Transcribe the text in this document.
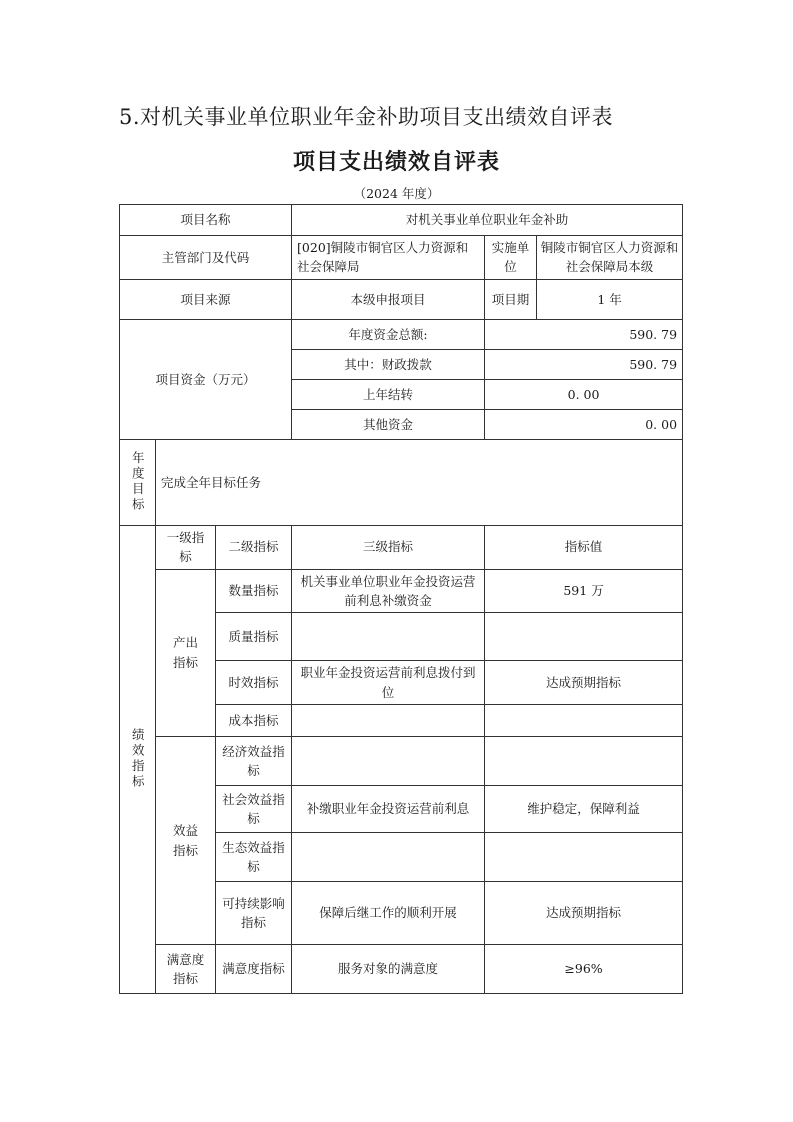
5.对机关事业单位职业年金补助项目支出绩效自评表
项目支出绩效自评表
（2024 年度）
项目名称			对机关事业单位职业年金补助		
主管部门及代码			[020]铜陵市铜官区人力资源和社会保障局	实施单位	铜陵市铜官区人力资源和社会保障局本级
项目来源			本级申报项目	项目期	1 年
项目资金（万元）			年度资金总额:	590. 79	
			其中：财政拨款	590. 79	
			上年结转	0. 00	
			其他资金	0. 00	
年度目标	完成全年目标任务				
绩效指标	一级指标	二级指标	三级指标	指标值	
	产出指标	数量指标	机关事业单位职业年金投资运营前利息补缴资金	591 万	
		质量指标			
		时效指标	职业年金投资运营前利息拨付到位	达成预期指标	
		成本指标			
	效益指标	经济效益指标			
		社会效益指标	补缴职业年金投资运营前利息	维护稳定，保障利益	
		生态效益指标			
		可持续影响指标	保障后继工作的顺利开展	达成预期指标	
	满意度指标	满意度指标	服务对象的满意度	≥96%	
